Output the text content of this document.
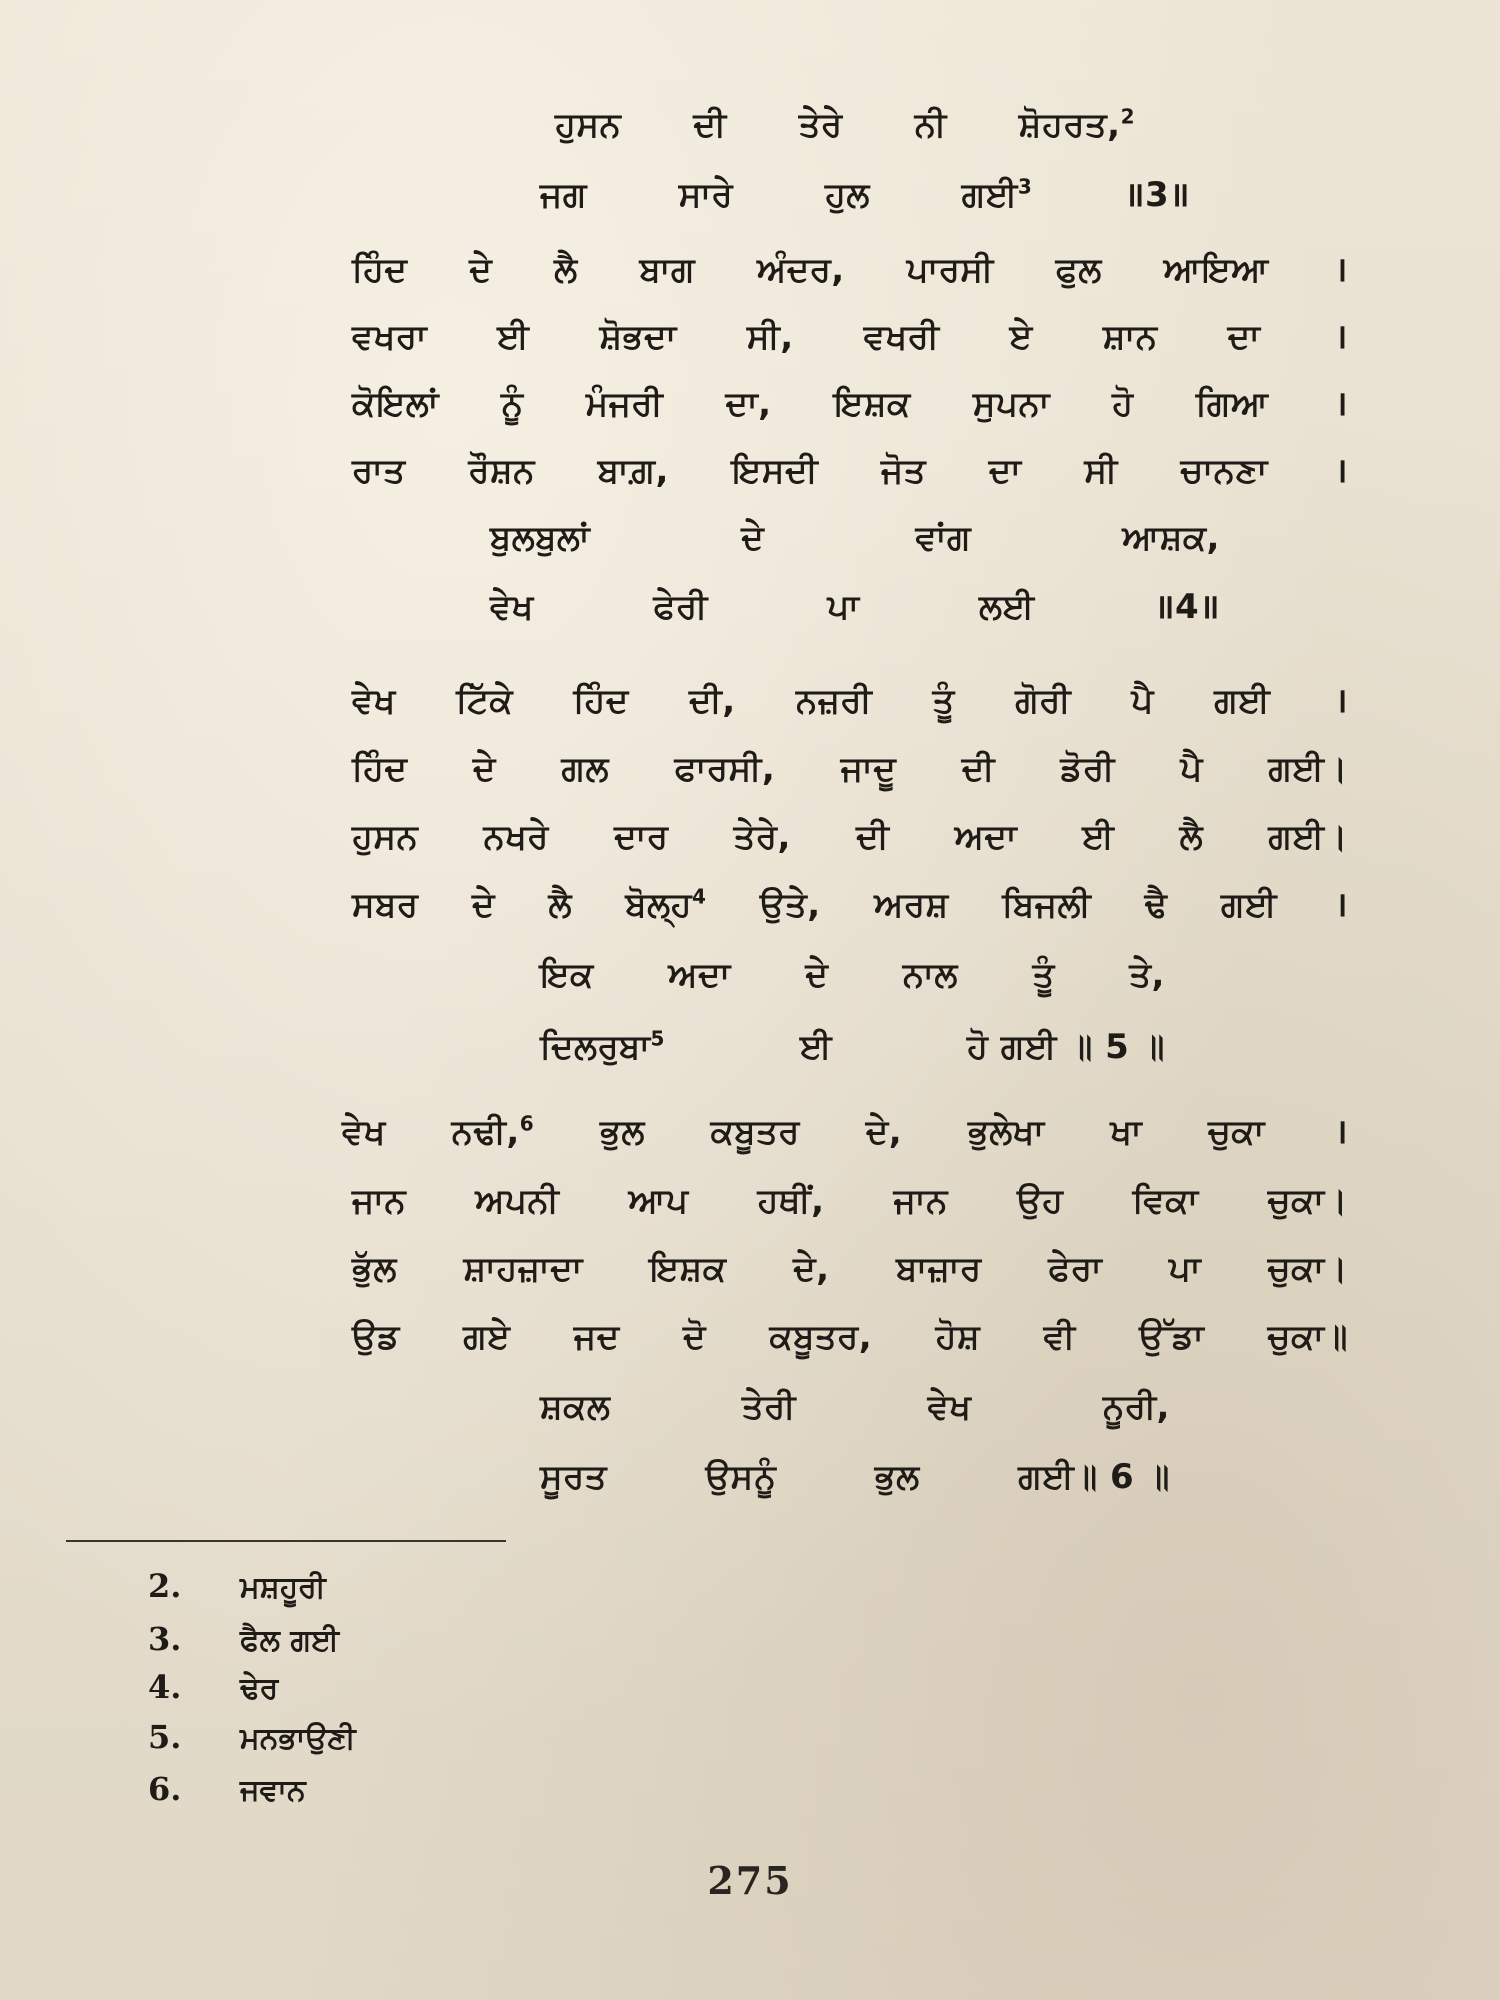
ਹੁਸਨ ਦੀ ਤੇਰੇ ਨੀ ਸ਼ੋਹਰਤ,$^2$
ਜਗ	ਸਾਰੇ	ਹੁਲ	ਗਈ$^3$	॥3॥
ਹਿੰਦ ਦੇ ਲੈ ਬਾਗ ਅੰਦਰ, ਪਾਰਸੀ ਫੁਲ ਆਇਆ ।
ਵਖਰਾ ਈ ਸ਼ੋਭਦਾ ਸੀ, ਵਖਰੀ ਏ ਸ਼ਾਨ ਦਾ ।
ਕੋਇਲਾਂ ਨੂੰ ਮੰਜਰੀ ਦਾ, ਇਸ਼ਕ ਸੁਪਨਾ ਹੋ ਗਿਆ ।
ਰਾਤ ਰੌਸ਼ਨ ਬਾਗ਼, ਇਸਦੀ ਜੋਤ ਦਾ ਸੀ ਚਾਨਣਾ ।
ਬੁਲਬੁਲਾਂ	ਦੇ	ਵਾਂਗ	ਆਸ਼ਕ,
ਵੇਖ	ਫੇਰੀ	ਪਾ	ਲਈ	॥4॥
ਵੇਖ ਟਿੱਕੇ ਹਿੰਦ ਦੀ, ਨਜ਼ਰੀ ਤੂੰ ਗੋਰੀ ਪੈ ਗਈ ।
ਹਿੰਦ ਦੇ ਗਲ ਫਾਰਸੀ, ਜਾਦੂ ਦੀ ਡੋਰੀ ਪੈ ਗਈ।
ਹੁਸਨ ਨਖਰੇ ਦਾਰ ਤੇਰੇ, ਦੀ ਅਦਾ ਈ ਲੈ ਗਈ।
ਸਬਰ ਦੇ ਲੈ ਬੋਲ੍ਹ$^4$ ਉਤੇ, ਅਰਸ਼ ਬਿਜਲੀ ਢੈ ਗਈ ।
ਇਕ ਅਦਾ ਦੇ ਨਾਲ ਤੂੰ ਤੇ,
ਦਿਲਰੁਬਾ$^5$	ਈ	ਹੋ ਗਈ ॥ 5 ॥
ਵੇਖ ਨਢੀ,$^6$ ਭੁਲ ਕਬੂਤਰ ਦੇ, ਭੁਲੇਖਾ ਖਾ ਚੁਕਾ ।
ਜਾਨ ਅਪਨੀ ਆਪ ਹਥੀਂ, ਜਾਨ ਉਹ ਵਿਕਾ ਚੁਕਾ।
ਭੁੱਲ ਸ਼ਾਹਜ਼ਾਦਾ ਇਸ਼ਕ ਦੇ, ਬਾਜ਼ਾਰ ਫੇਰਾ ਪਾ ਚੁਕਾ।
ਉਡ ਗਏ ਜਦ ਦੋ ਕਬੂਤਰ, ਹੋਸ਼ ਵੀ ਉੱਡਾ ਚੁਕਾ॥
ਸ਼ਕਲ	ਤੇਰੀ	ਵੇਖ	ਨੂਰੀ,
ਸੂਰਤ	ਉਸਨੂੰ	ਭੁਲ	ਗਈ॥ 6 ॥
2.	ਮਸ਼ਹੂਰੀ
3.	ਫੈਲ ਗਈ
4.	ਢੇਰ
5.	ਮਨਭਾਉਣੀ
6.	ਜਵਾਨ
275
